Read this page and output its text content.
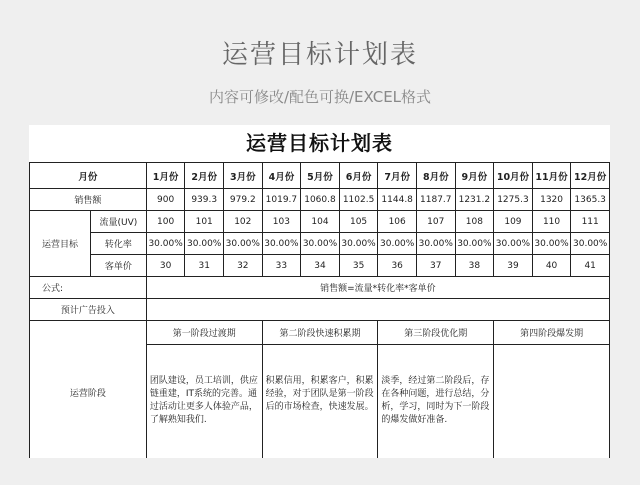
运营目标计划表
内容可修改/配色可换/EXCEL格式
运营目标计划表
月份		1月份	2月份	3月份	4月份	5月份	6月份	7月份	8月份	9月份	10月份	11月份	12月份
销售额		900	939.3	979.2	1019.7	1060.8	1102.5	1144.8	1187.7	1231.2	1275.3	1320	1365.3
运营目标	流量(UV)	100	101	102	103	104	105	106	107	108	109	110	111
	转化率	30.00%	30.00%	30.00%	30.00%	30.00%	30.00%	30.00%	30.00%	30.00%	30.00%	30.00%	30.00%
	客单价	30	31	32	33	34	35	36	37	38	39	40	41
公式:		销售额=流量*转化率*客单价											
预计广告投入													
运营阶段		第一阶段过渡期			第二阶段快速积累期			第三阶段优化期			第四阶段爆发期		
		团队建设，员工培训，供应链重建，IT系统的完善。通过活动让更多人体验产品，了解熟知我们.			积累信用，积累客户，积累经验，对于团队是第一阶段后的市场检查，快速发展。			淡季，经过第二阶段后，存在各种问题，进行总结，分析，学习，同时为下一阶段的爆发做好准备.					
